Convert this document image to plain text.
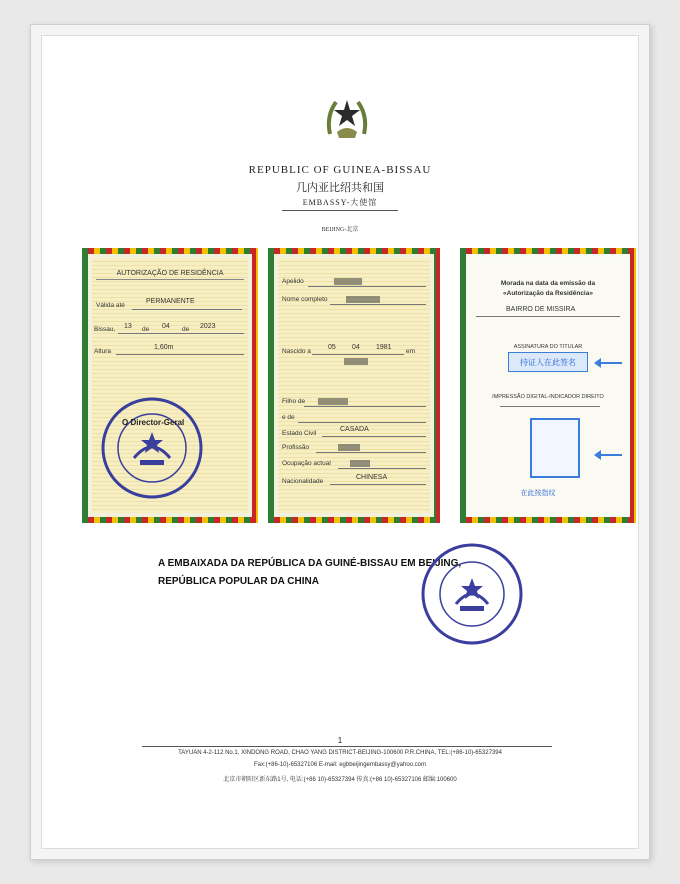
REPUBLIC OF GUINEA-BISSAU
几内亚比绍共和国
EMBASSY-大使馆
BEIJING-北京
AUTORIZAÇÃO DE RESIDÊNCIA
Válida até
PERMANENTE
Bissau, 13 de 04 de 2023
Altura
1,60m
O Director-Geral
Apelido
Nome completo
Nascido a
05 04 1981
em
Filho de
e de
Estado Civil
CASADA
Profissão
Ocupação actual
Nacionalidade
CHINESA
Morada na data da emissão da
«Autorização da Residência»
BAIRRO DE MISSIRA
ASSINATURA DO TITULAR
持证人在此签名
IMPRESSÃO DIGITAL-INDICADOR DIREITO
在此按指纹
A EMBAIXADA DA REPÚBLICA DA GUINÉ-BISSAU EM BEIJING,
REPÚBLICA POPULAR DA CHINA
1
TAYUAN 4-2-112 No.1, XINDONG ROAD, CHAO YANG DISTRICT-BEIJING-100600 P.R.CHINA, TEL:(+86-10)-65327394
Fax:(+86-10)-65327106 E-mail: egbbeijingembassy@yahoo.com
北京市朝阳区新东路1号, 电话:(+86 10)-65327394 传真:(+86 10)-65327106 邮编:100600
